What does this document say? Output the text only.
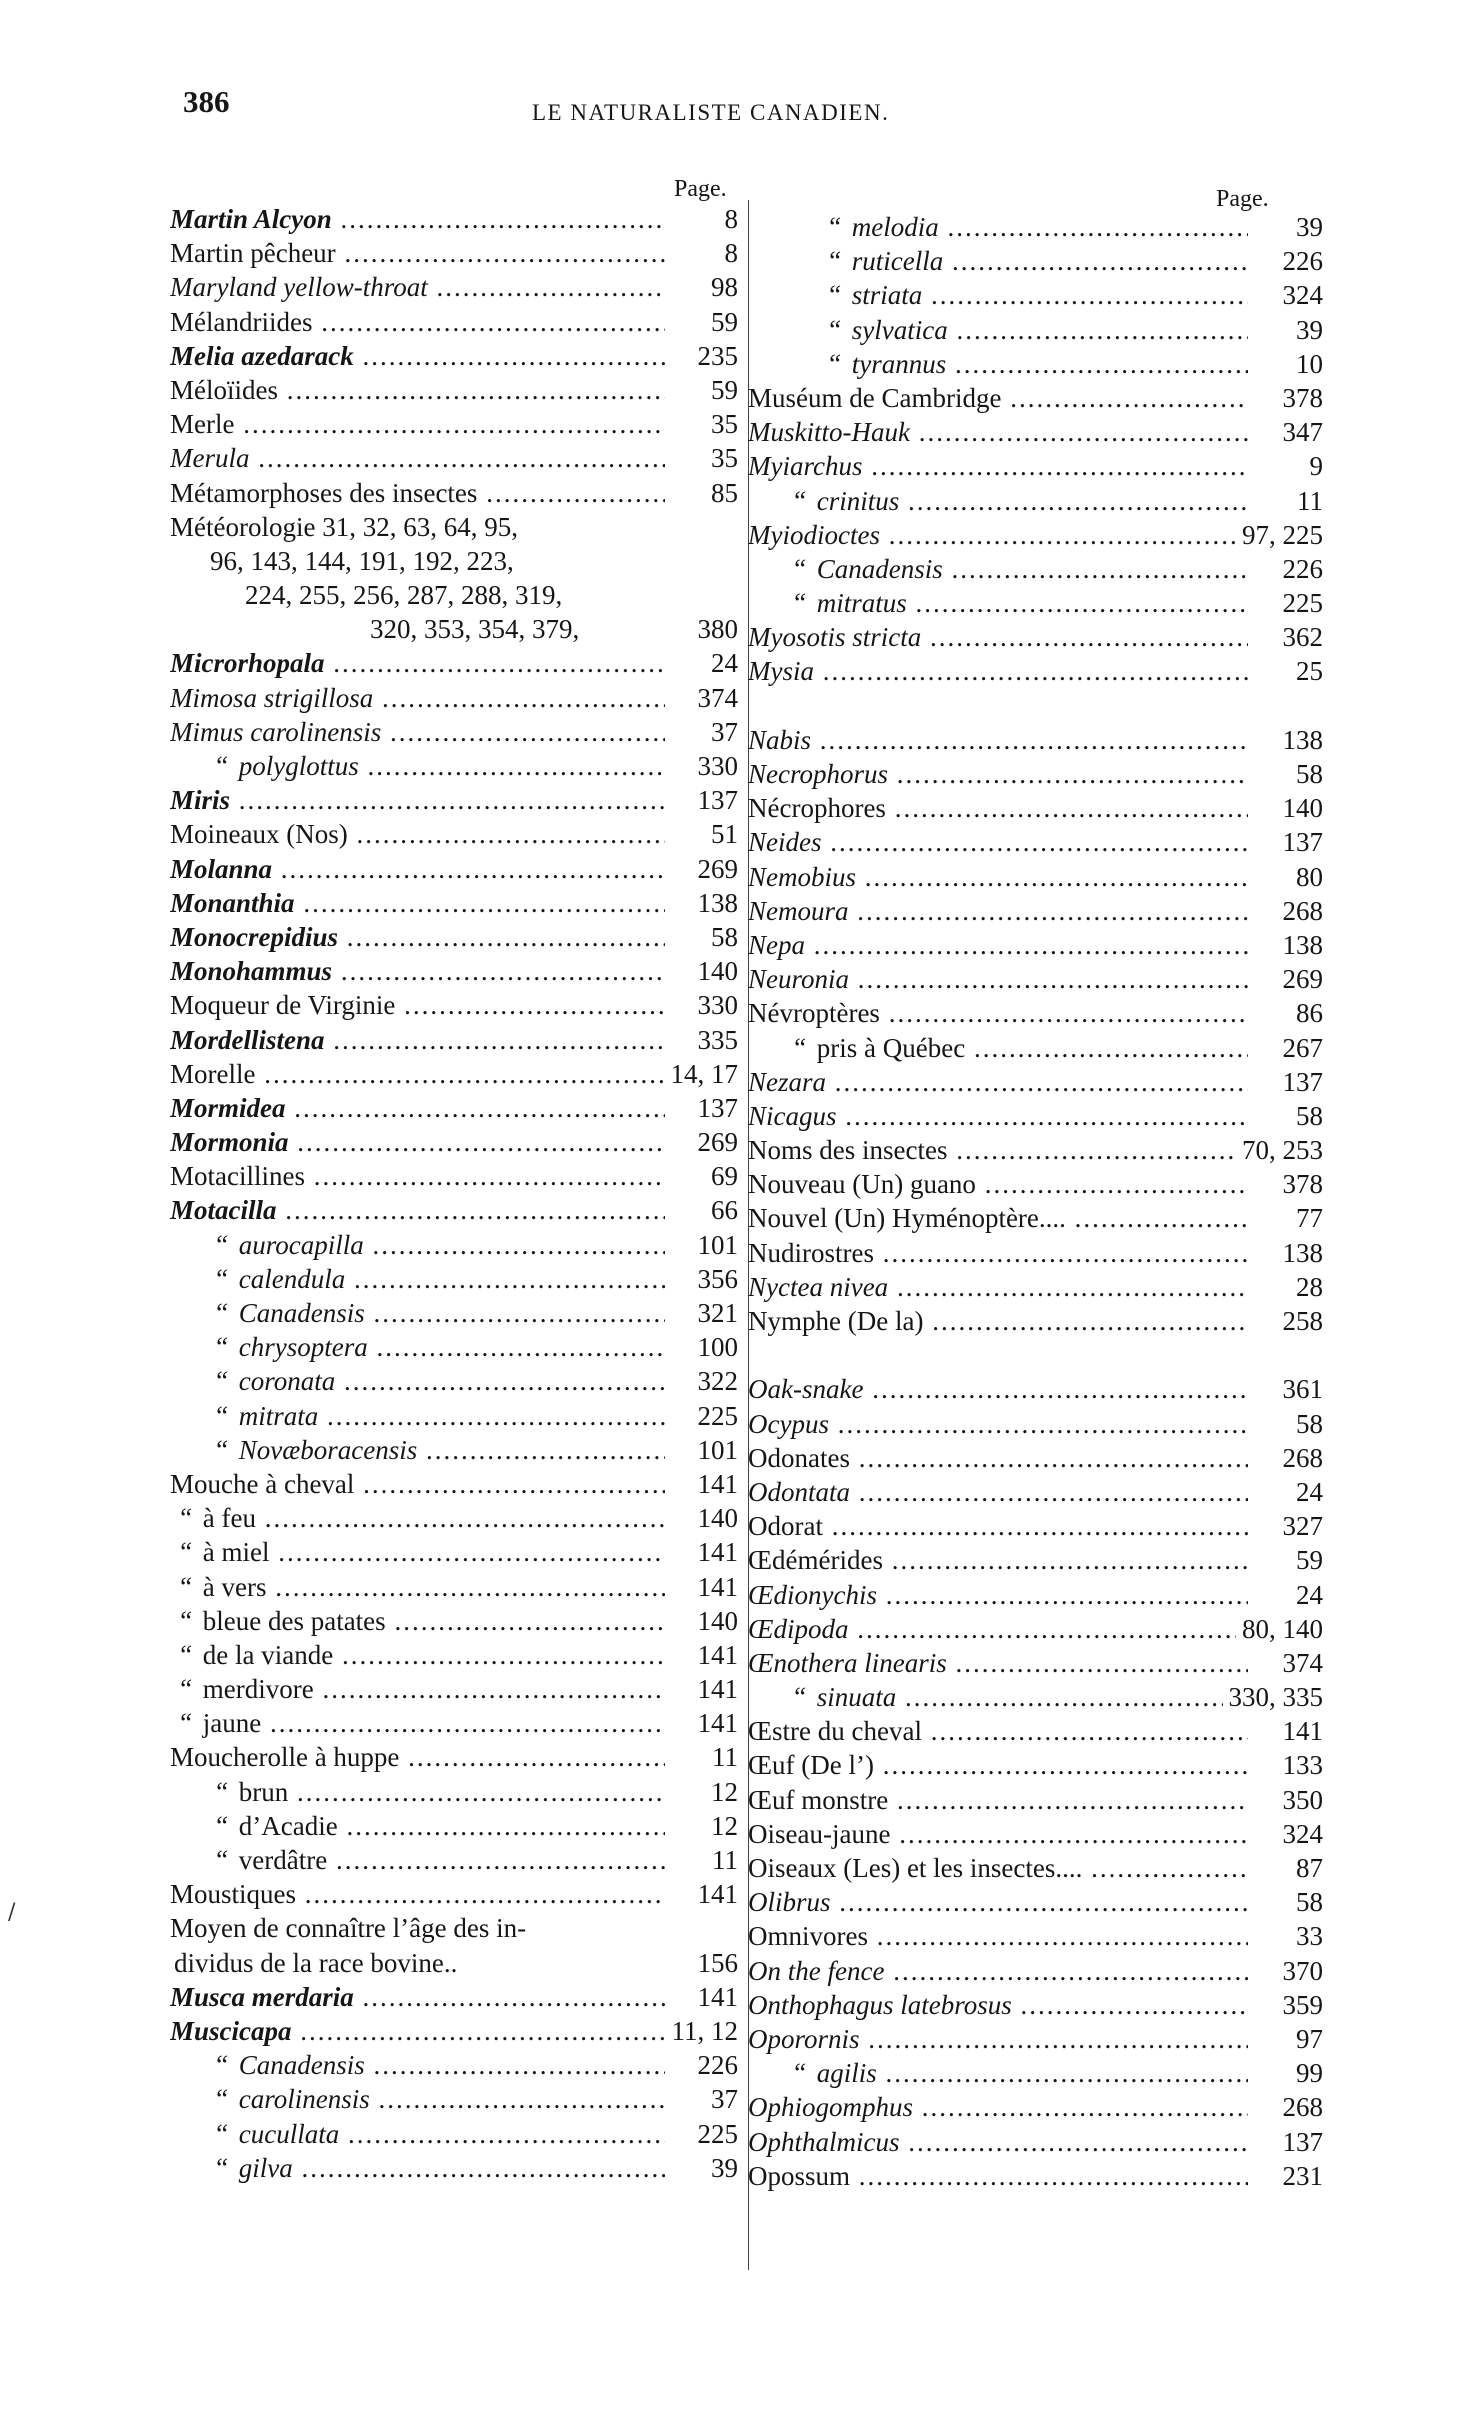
386	LE NATURALISTE CANADIEN.
Page.
Martin Alcyon .....	8
Martin pêcheur .....	8
Maryland yellow-throat .....	98
Mélandriides .....	59
Melia azedarack .....	235
Méloïides .....	59
Merle .....	35
Merula .....	35
Métamorphoses des insectes .....	85
Météorologie 31, 32, 63, 64, 95,
96, 143, 144, 191, 192, 223,
224, 255, 256, 287, 288, 319,
320, 353, 354, 379,	380
Microrhopala .....	24
Mimosa strigillosa .....	374
Mimus carolinensis .....	37
“ polyglottus .....	330
Miris .....	137
Moineaux (Nos) .....	51
Molanna .....	269
Monanthia .....	138
Monocrepidius .....	58
Monohammus .....	140
Moqueur de Virginie .....	330
Mordellistena .....	335
Morelle .....	14, 17
Mormidea .....	137
Mormonia .....	269
Motacillines .....	69
Motacilla .....	66
“ aurocapilla .....	101
“ calendula .....	356
“ Canadensis .....	321
“ chrysoptera .....	100
“ coronata .....	322
“ mitrata .....	225
“ Novæboracensis .....	101
Mouche à cheval .....	141
“ à feu .....	140
“ à miel .....	141
“ à vers .....	141
“ bleue des patates .....	140
“ de la viande .....	141
“ merdivore .....	141
“ jaune .....	141
Moucherolle à huppe .....	11
“ brun .....	12
“ d’Acadie .....	12
“ verdâtre .....	11
Moustiques .....	141
Moyen de connaître l’âge des in-
dividus de la race bovine..	156
Musca merdaria .....	141
Muscicapa .....	11, 12
“ Canadensis .....	226
“ carolinensis .....	37
“ cucullata .....	225
“ gilva .....	39
Page.
“ melodia .....	39
“ ruticella .....	226
“ striata .....	324
“ sylvatica .....	39
“ tyrannus .....	10
Muséum de Cambridge .....	378
Muskitto-Hauk .....	347
Myiarchus .....	9
“ crinitus .....	11
Myiodioctes .....	97, 225
“ Canadensis .....	226
“ mitratus .....	225
Myosotis stricta .....	362
Mysia .....	25
Nabis .....	138
Necrophorus .....	58
Nécrophores .....	140
Neides .....	137
Nemobius .....	80
Nemoura .....	268
Nepa .....	138
Neuronia .....	269
Névroptères .....	86
“ pris à Québec .....	267
Nezara .....	137
Nicagus .....	58
Noms des insectes .....	70, 253
Nouveau (Un) guano .....	378
Nouvel (Un) Hyménoptère.... .....	77
Nudirostres .....	138
Nyctea nivea .....	28
Nymphe (De la) .....	258
Oak-snake .....	361
Ocypus .....	58
Odonates .....	268
Odontata .....	24
Odorat .....	327
Œdémérides .....	59
Œdionychis .....	24
Œdipoda .....	80, 140
Œnothera linearis .....	374
“ sinuata .....	330, 335
Œstre du cheval .....	141
Œuf (De l’) .....	133
Œuf monstre .....	350
Oiseau-jaune .....	324
Oiseaux (Les) et les insectes.... .....	87
Olibrus .....	58
Omnivores .....	33
On the fence .....	370
Onthophagus latebrosus .....	359
Oporornis .....	97
“ agilis .....	99
Ophiogomphus .....	268
Ophthalmicus .....	137
Opossum .....	231
/
